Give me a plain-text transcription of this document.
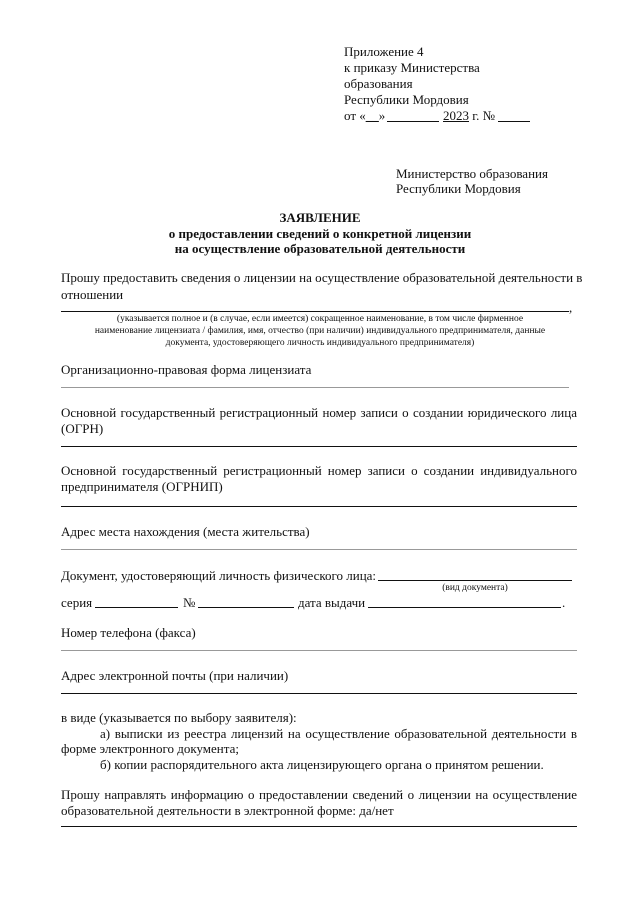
Приложение 4
к приказу Министерства
образования
Республики Мордовия
от «__»	2023 г. №
Министерство образования
Республики Мордовия
ЗАЯВЛЕНИЕ
о предоставлении сведений о конкретной лицензии
на осуществление образовательной деятельности
Прошу предоставить сведения о лицензии на осуществление образовательной деятельности в
отношении
,
(указывается полное и (в случае, если имеется) сокращенное наименование, в том числе фирменное
наименование лицензиата / фамилия, имя, отчество (при наличии) индивидуального предпринимателя, данные
документа, удостоверяющего личность индивидуального предпринимателя)
Организационно-правовая форма лицензиата
Основной государственный регистрационный номер записи о создании юридического лица
(ОГРН)
Основной государственный регистрационный номер записи о создании индивидуального
предпринимателя (ОГРНИП)
Адрес места нахождения (места жительства)
Документ, удостоверяющий личность физического лица:
(вид документа)
серия	№	дата выдачи	.
Номер телефона (факса)
Адрес электронной почты (при наличии)
в виде (указывается по выбору заявителя):
а) выписки из реестра лицензий на осуществление образовательной деятельности в
форме электронного документа;
б) копии распорядительного акта лицензирующего органа о принятом решении.
Прошу направлять информацию о предоставлении сведений о лицензии на осуществление
образовательной деятельности в электронной форме: да/нет
